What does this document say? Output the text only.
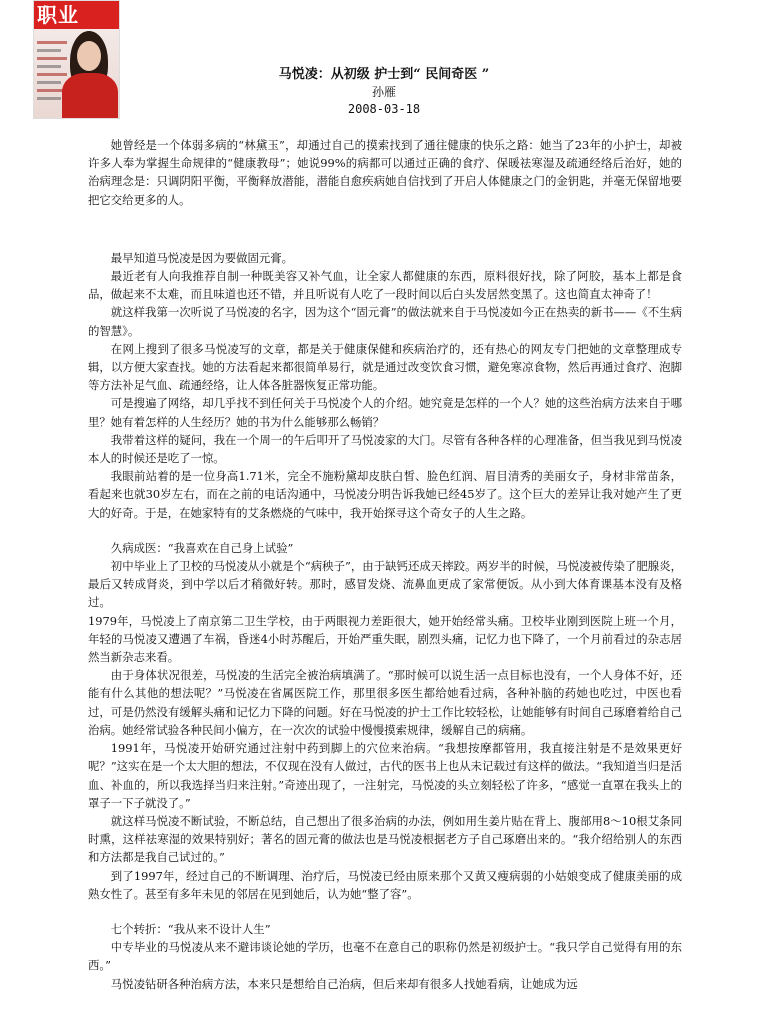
职业
马悦凌：从初级 护士到“ 民间奇医 ”
孙雁
2008-03-18

她曾经是一个体弱多病的“林黛玉”，却通过自己的摸索找到了通往健康的快乐之路：她当了23年的小护士，却被许多人奉为掌握生命规律的“健康教母”；她说99%的病都可以通过正确的食疗、保暖祛寒湿及疏通经络后治好，她的治病理念是：只调阴阳平衡，平衡释放潜能，潜能自愈疾病她自信找到了开启人体健康之门的金钥匙，并毫无保留地要把它交给更多的人。

最早知道马悦凌是因为要做固元膏。

最近老有人向我推荐自制一种既美容又补气血，让全家人都健康的东西，原料很好找，除了阿胶，基本上都是食品，做起来不太难，而且味道也还不错，并且听说有人吃了一段时间以后白头发居然变黑了。这也简直太神奇了！

就这样我第一次听说了马悦凌的名字，因为这个“固元膏”的做法就来自于马悦凌如今正在热卖的新书——《不生病的智慧》。

在网上搜到了很多马悦凌写的文章，都是关于健康保健和疾病治疗的，还有热心的网友专门把她的文章整理成专辑，以方便大家查找。她的方法看起来都很简单易行，就是通过改变饮食习惯，避免寒凉食物，然后再通过食疗、泡脚等方法补足气血、疏通经络，让人体各脏器恢复正常功能。

可是搜遍了网络，却几乎找不到任何关于马悦凌个人的介绍。她究竟是怎样的一个人？她的这些治病方法来自于哪里？她有着怎样的人生经历？她的书为什么能够那么畅销？

我带着这样的疑问，我在一个周一的午后叩开了马悦凌家的大门。尽管有各种各样的心理准备，但当我见到马悦凌本人的时候还是吃了一惊。

我眼前站着的是一位身高1.71米，完全不施粉黛却皮肤白皙、脸色红润、眉目清秀的美丽女子，身材非常苗条，看起来也就30岁左右，而在之前的电话沟通中，马悦凌分明告诉我她已经45岁了。这个巨大的差异让我对她产生了更大的好奇。于是，在她家特有的艾条燃烧的气味中，我开始探寻这个奇女子的人生之路。

久病成医：“我喜欢在自己身上试验”

初中毕业上了卫校的马悦凌从小就是个“病秧子”，由于缺钙还成天摔跤。两岁半的时候，马悦凌被传染了肥腺炎，最后又转成肾炎，到中学以后才稍微好转。那时，感冒发烧、流鼻血更成了家常便饭。从小到大体育课基本没有及格过。

1979年，马悦凌上了南京第二卫生学校，由于两眼视力差距很大，她开始经常头痛。卫校毕业刚到医院上班一个月，年轻的马悦凌又遭遇了车祸，昏迷4小时苏醒后，开始严重失眠，剧烈头痛，记忆力也下降了，一个月前看过的杂志居然当新杂志来看。

由于身体状况很差，马悦凌的生活完全被治病填满了。“那时候可以说生活一点目标也没有，一个人身体不好，还能有什么其他的想法呢？”马悦凌在省属医院工作，那里很多医生都给她看过病，各种补脑的药她也吃过，中医也看过，可是仍然没有缓解头痛和记忆力下降的问题。好在马悦凌的护士工作比较轻松，让她能够有时间自己琢磨着给自己治病。她经常试验各种民间小偏方，在一次次的试验中慢慢摸索规律，缓解自己的病痛。

1991年，马悦凌开始研究通过注射中药到脚上的穴位来治病。“我想按摩都管用，我直接注射是不是效果更好呢？”这实在是一个太大胆的想法，不仅现在没有人做过，古代的医书上也从未记载过有这样的做法。“我知道当归是活血、补血的，所以我选择当归来注射。”奇迹出现了，一注射完，马悦凌的头立刻轻松了许多，“感觉一直罩在我头上的罩子一下子就没了。”

就这样马悦凌不断试验，不断总结，自己想出了很多治病的办法，例如用生姜片贴在背上、腹部用8～10根艾条同时熏，这样祛寒湿的效果特别好；著名的固元膏的做法也是马悦凌根据老方子自己琢磨出来的。“我介绍给别人的东西和方法都是我自己试过的。”

到了1997年，经过自己的不断调理、治疗后，马悦凌已经由原来那个又黄又瘦病弱的小姑娘变成了健康美丽的成熟女性了。甚至有多年未见的邻居在见到她后，认为她“整了容”。

七个转折：“我从来不设计人生”

中专毕业的马悦凌从来不避讳谈论她的学历，也毫不在意自己的职称仍然是初级护士。“我只学自己觉得有用的东西。”

马悦凌钻研各种治病方法，本来只是想给自己治病，但后来却有很多人找她看病，让她成为远
